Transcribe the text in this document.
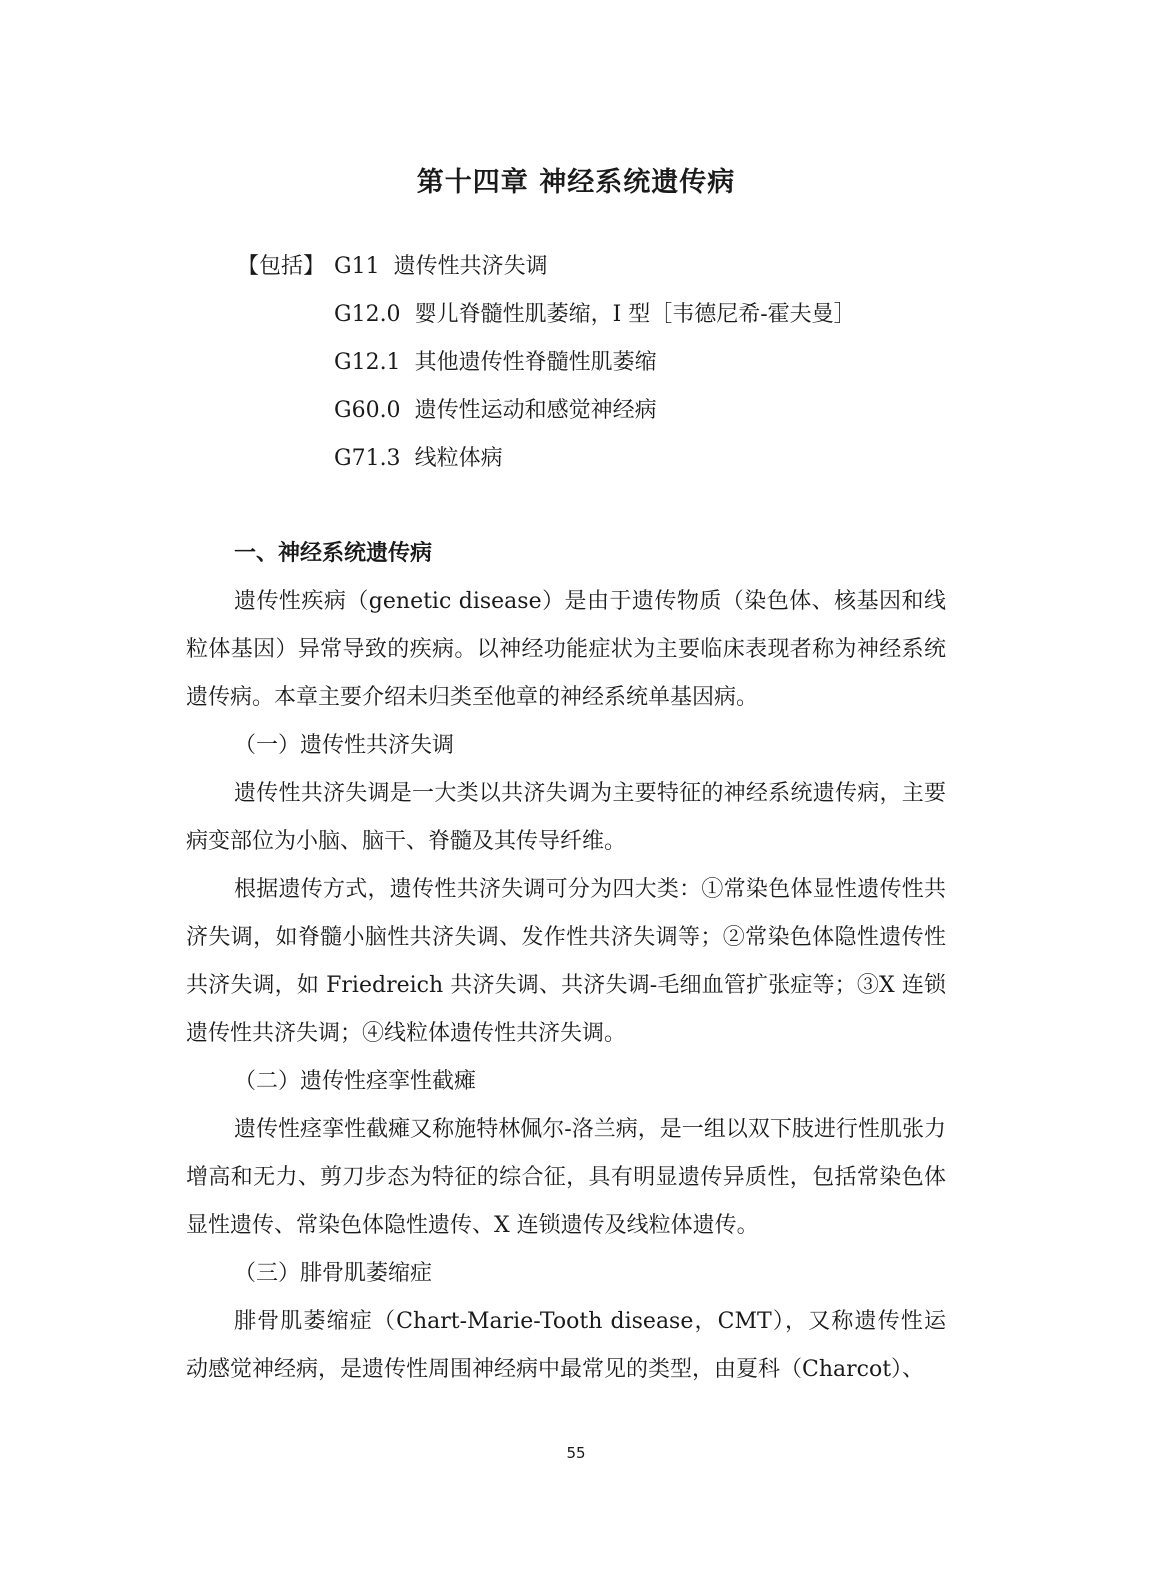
第十四章 神经系统遗传病
【包括】 G11 遗传性共济失调
G12.0 婴儿脊髓性肌萎缩，I 型［韦德尼希-霍夫曼］
G12.1 其他遗传性脊髓性肌萎缩
G60.0 遗传性运动和感觉神经病
G71.3 线粒体病
一、神经系统遗传病

遗传性疾病（genetic disease）是由于遗传物质（染色体、核基因和线粒体基因）异常导致的疾病。以神经功能症状为主要临床表现者称为神经系统遗传病。本章主要介绍未归类至他章的神经系统单基因病。

（一）遗传性共济失调

遗传性共济失调是一大类以共济失调为主要特征的神经系统遗传病，主要病变部位为小脑、脑干、脊髓及其传导纤维。

根据遗传方式，遗传性共济失调可分为四大类：①常染色体显性遗传性共济失调，如脊髓小脑性共济失调、发作性共济失调等；②常染色体隐性遗传性共济失调，如 Friedreich 共济失调、共济失调-毛细血管扩张症等；③X 连锁遗传性共济失调；④线粒体遗传性共济失调。

（二）遗传性痉挛性截瘫

遗传性痉挛性截瘫又称施特林佩尔-洛兰病，是一组以双下肢进行性肌张力增高和无力、剪刀步态为特征的综合征，具有明显遗传异质性，包括常染色体显性遗传、常染色体隐性遗传、X 连锁遗传及线粒体遗传。

（三）腓骨肌萎缩症

腓骨肌萎缩症（Chart-Marie-Tooth disease，CMT），又称遗传性运动感觉神经病，是遗传性周围神经病中最常见的类型，由夏科（Charcot）、

55
